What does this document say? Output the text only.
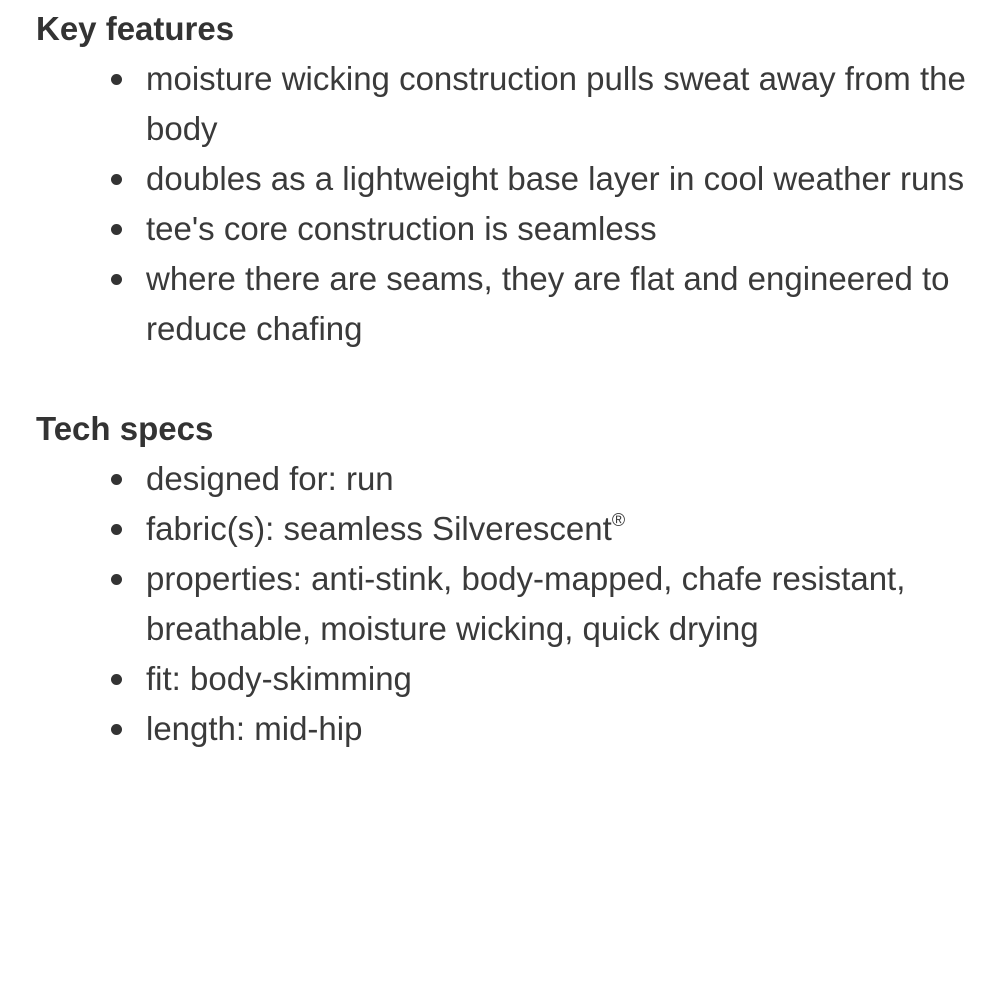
Key features
moisture wicking construction pulls sweat away from the body
doubles as a lightweight base layer in cool weather runs
tee's core construction is seamless
where there are seams, they are flat and engineered to reduce chafing
Tech specs
designed for: run
fabric(s): seamless Silverescent®
properties: anti-stink, body-mapped, chafe resistant, breathable, moisture wicking, quick drying
fit: body-skimming
length: mid-hip
